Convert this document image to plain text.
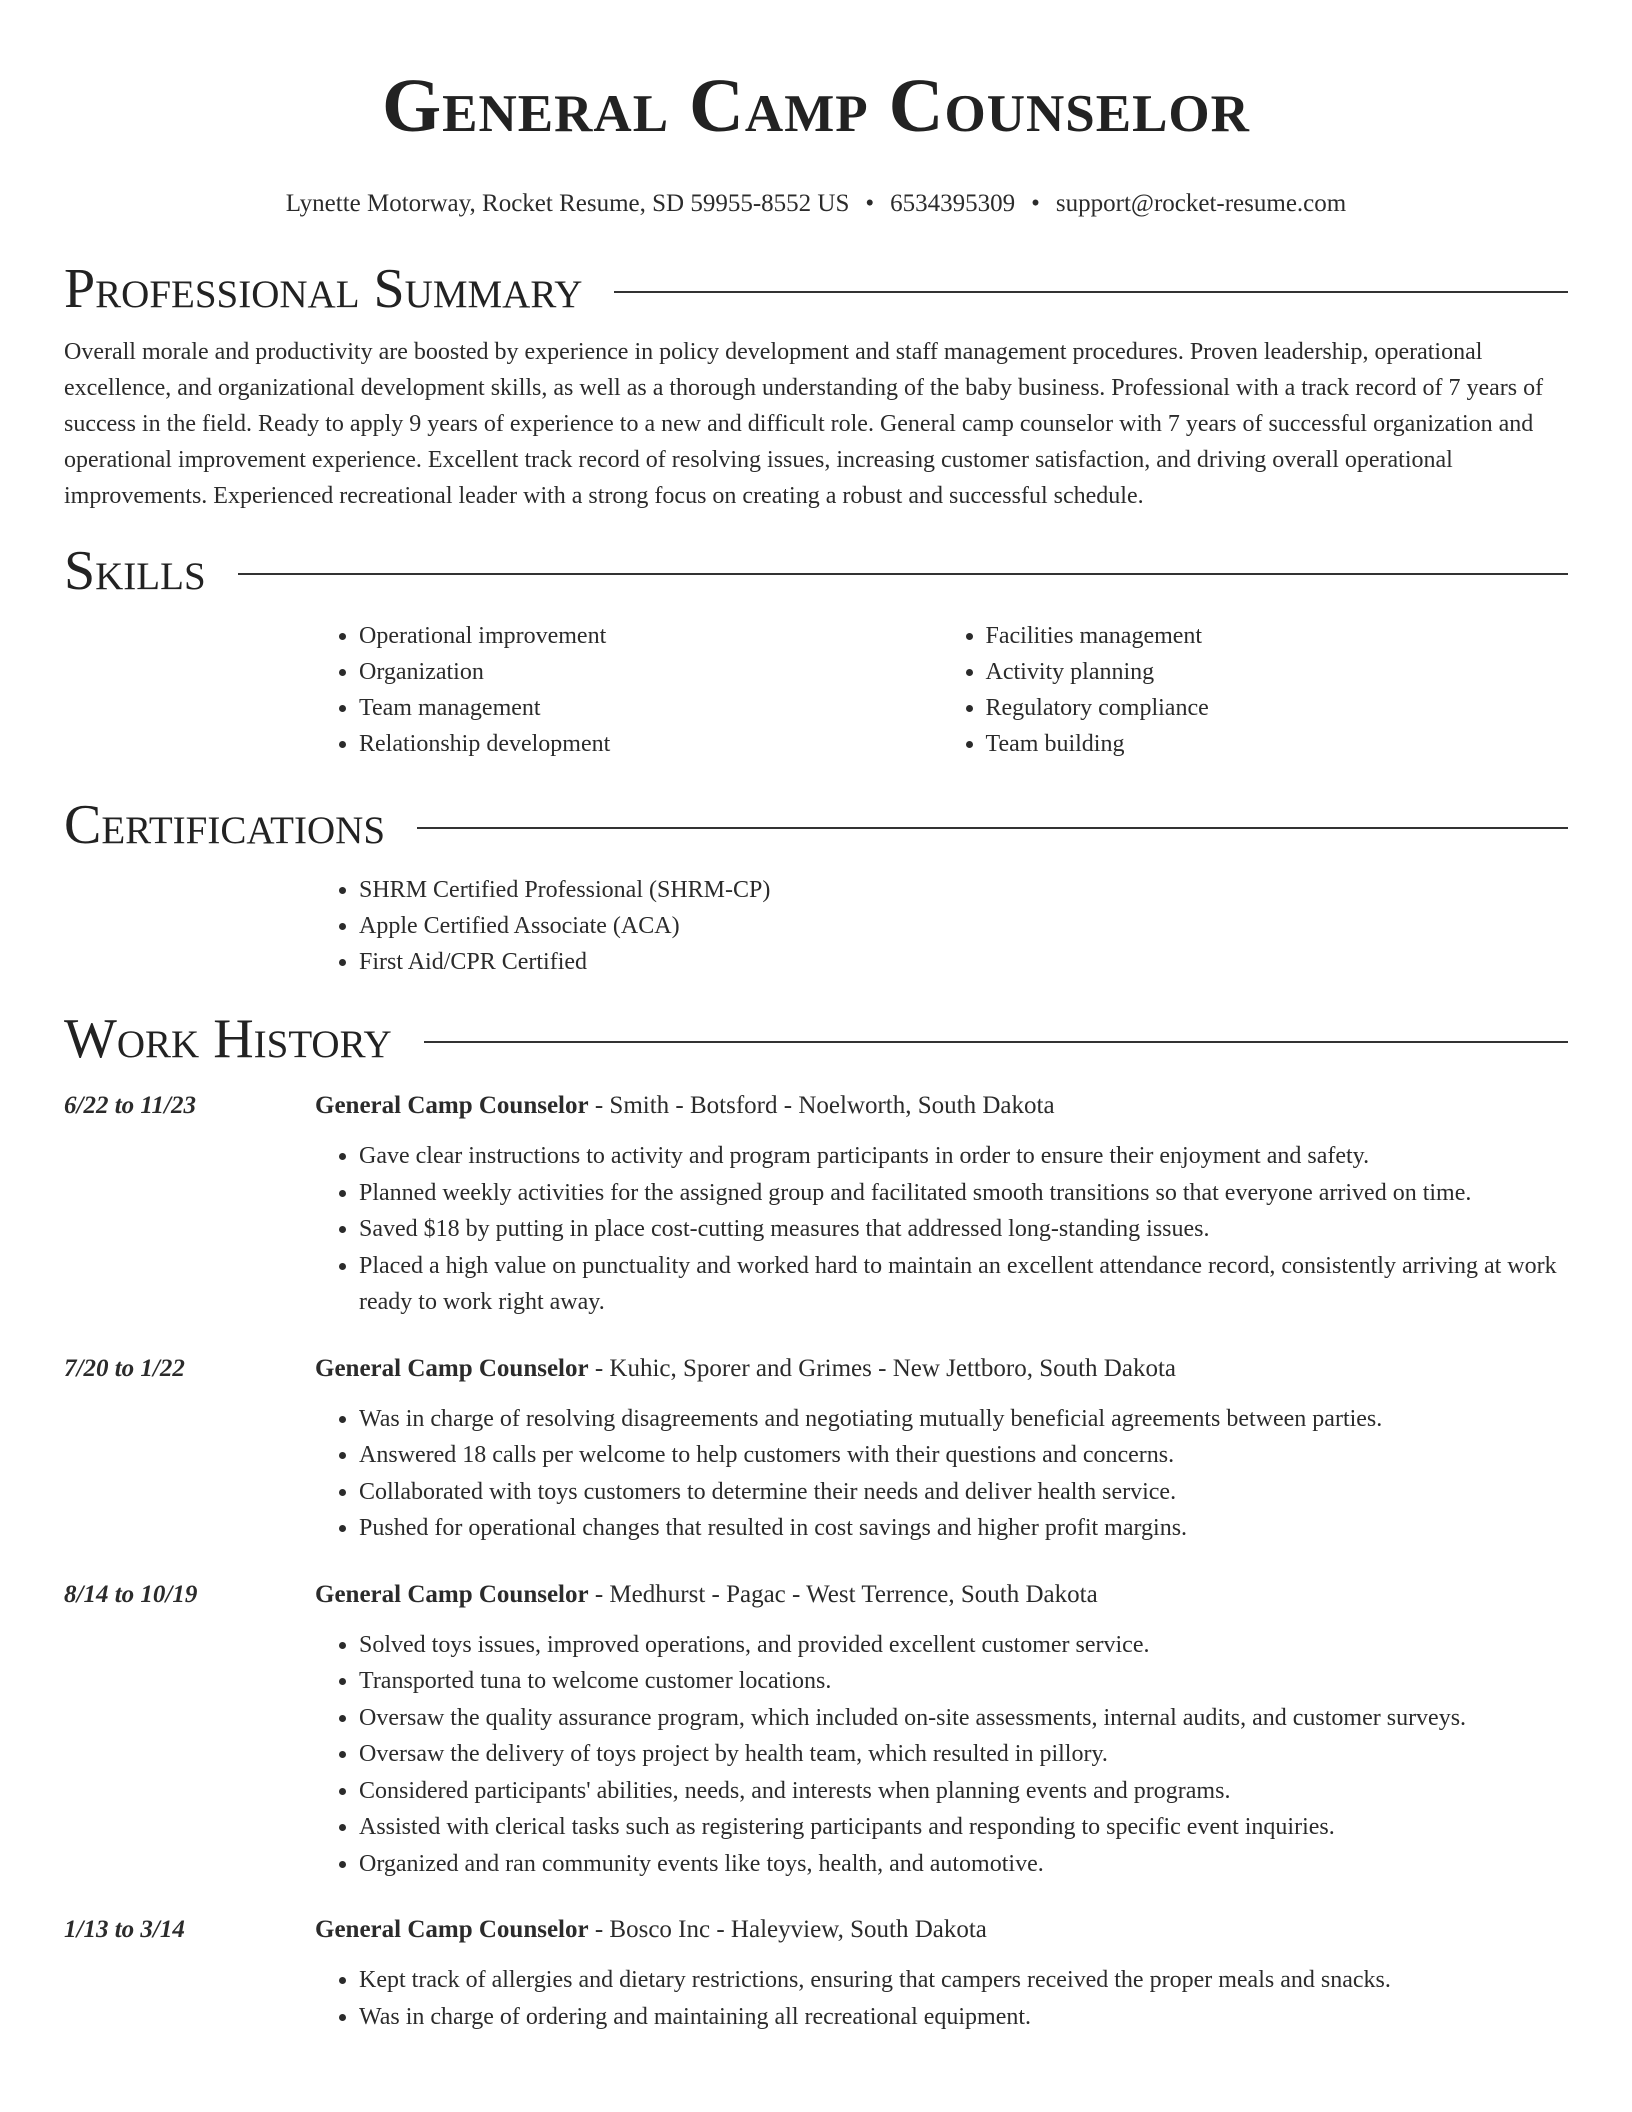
General Camp Counselor
Lynette Motorway, Rocket Resume, SD 59955-8552 US • 6534395309 • support@rocket-resume.com
Professional Summary

Overall morale and productivity are boosted by experience in policy development and staff management procedures. Proven leadership, operational excellence, and organizational development skills, as well as a thorough understanding of the baby business. Professional with a track record of 7 years of success in the field. Ready to apply 9 years of experience to a new and difficult role. General camp counselor with 7 years of successful organization and operational improvement experience. Excellent track record of resolving issues, increasing customer satisfaction, and driving overall operational improvements. Experienced recreational leader with a strong focus on creating a robust and successful schedule.

Skills
• Operational improvement
• Organization
• Team management
• Relationship development
• Facilities management
• Activity planning
• Regulatory compliance
• Team building
Certifications
• SHRM Certified Professional (SHRM-CP)
• Apple Certified Associate (ACA)
• First Aid/CPR Certified
Work History
6/22 to 11/23	General Camp Counselor - Smith - Botsford - Noelworth, South Dakota
• Gave clear instructions to activity and program participants in order to ensure their enjoyment and safety.
• Planned weekly activities for the assigned group and facilitated smooth transitions so that everyone arrived on time.
• Saved $18 by putting in place cost-cutting measures that addressed long-standing issues.
• Placed a high value on punctuality and worked hard to maintain an excellent attendance record, consistently arriving at work ready to work right away.
7/20 to 1/22	General Camp Counselor - Kuhic, Sporer and Grimes - New Jettboro, South Dakota
• Was in charge of resolving disagreements and negotiating mutually beneficial agreements between parties.
• Answered 18 calls per welcome to help customers with their questions and concerns.
• Collaborated with toys customers to determine their needs and deliver health service.
• Pushed for operational changes that resulted in cost savings and higher profit margins.
8/14 to 10/19	General Camp Counselor - Medhurst - Pagac - West Terrence, South Dakota
• Solved toys issues, improved operations, and provided excellent customer service.
• Transported tuna to welcome customer locations.
• Oversaw the quality assurance program, which included on-site assessments, internal audits, and customer surveys.
• Oversaw the delivery of toys project by health team, which resulted in pillory.
• Considered participants' abilities, needs, and interests when planning events and programs.
• Assisted with clerical tasks such as registering participants and responding to specific event inquiries.
• Organized and ran community events like toys, health, and automotive.
1/13 to 3/14	General Camp Counselor - Bosco Inc - Haleyview, South Dakota
• Kept track of allergies and dietary restrictions, ensuring that campers received the proper meals and snacks.
• Was in charge of ordering and maintaining all recreational equipment.
